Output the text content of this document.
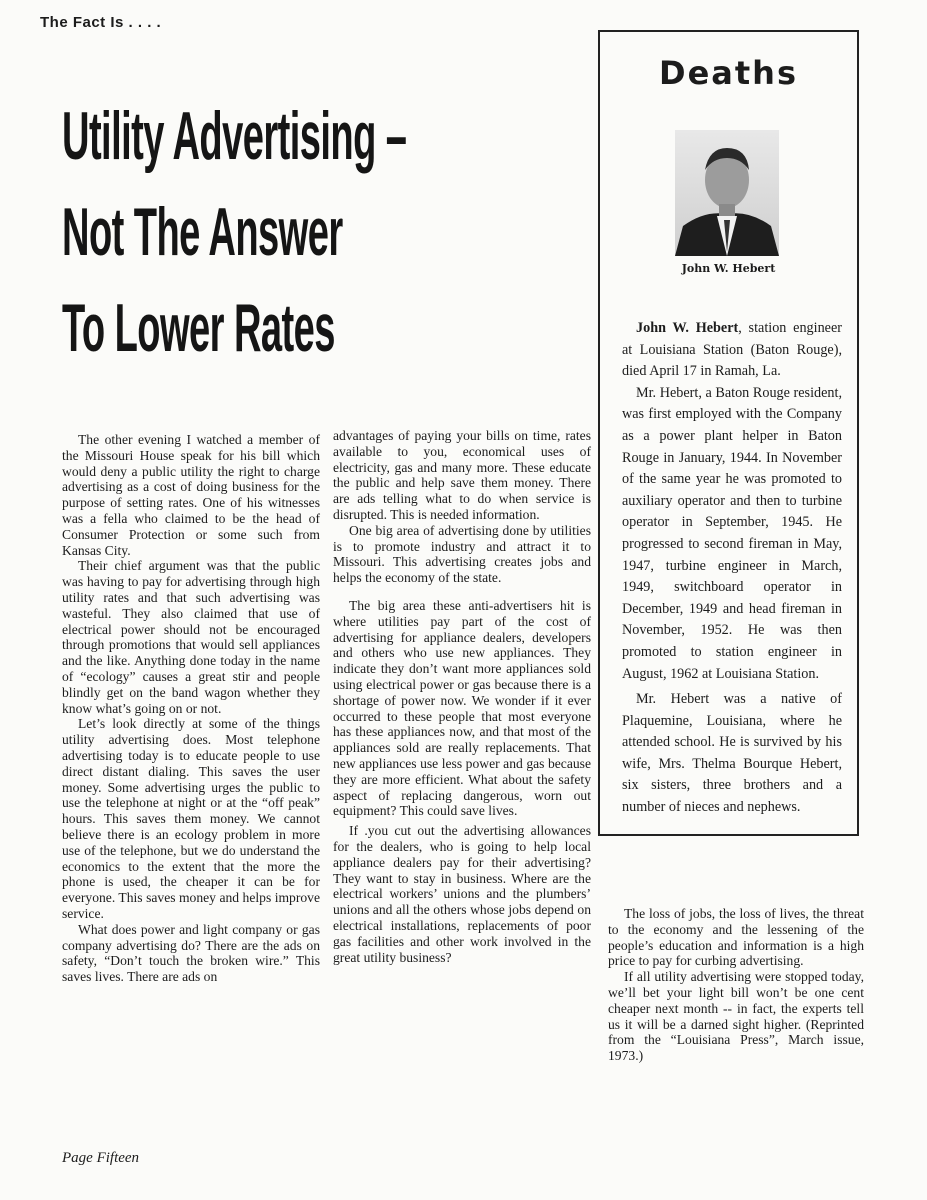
The Fact Is . . . .
Utility Advertising –
Not The Answer
To Lower Rates

The other evening I watched a member of the Missouri House speak for his bill which would deny a public utility the right to charge advertising as a cost of doing business for the purpose of setting rates. One of his witnesses was a fella who claimed to be the head of Consumer Protection or some such from Kansas City.

Their chief argument was that the public was having to pay for advertising through high utility rates and that such advertising was wasteful. They also claimed that use of electrical power should not be encouraged through promotions that would sell appliances and the like. Anything done today in the name of “ecology” causes a great stir and people blindly get on the band wagon whether they know what’s going on or not.

Let’s look directly at some of the things utility advertising does. Most telephone advertising today is to educate people to use direct distant dialing. This saves the user money. Some advertising urges the public to use the telephone at night or at the “off peak” hours. This saves them money. We cannot believe there is an ecology problem in more use of the telephone, but we do understand the economics to the extent that the more the phone is used, the cheaper it can be for everyone. This saves money and helps improve service.

What does power and light company or gas company advertising do? There are the ads on safety, “Don’t touch the broken wire.” This saves lives. There are ads on

advantages of paying your bills on time, rates available to you, economical uses of electricity, gas and many more. These educate the public and help save them money. There are ads telling what to do when service is disrupted. This is needed information.

One big area of advertising done by utilities is to promote industry and attract it to Missouri. This advertising creates jobs and helps the economy of the state.

The big area these anti-advertisers hit is where utilities pay part of the cost of advertising for appliance dealers, developers and others who use new appliances. They indicate they don’t want more appliances sold using electrical power or gas because there is a shortage of power now. We wonder if it ever occurred to these people that most everyone has these appliances now, and that most of the appliances sold are really replacements. That new appliances use less power and gas because they are more efficient. What about the safety aspect of replacing dangerous, worn out equipment? This could save lives.

If .you cut out the advertising allowances for the dealers, who is going to help local appliance dealers pay for their advertising? They want to stay in business. Where are the electrical workers’ unions and the plumbers’ unions and all the others whose jobs depend on electrical installations, replacements of poor gas facilities and other work involved in the great utility business?

The loss of jobs, the loss of lives, the threat to the economy and the lessening of the people’s education and information is a high price to pay for curbing advertising.

If all utility advertising were stopped today, we’ll bet your light bill won’t be one cent cheaper next month -- in fact, the experts tell us it will be a darned sight higher. (Reprinted from the “Louisiana Press”, March issue, 1973.)

Deaths
John W. Hebert

John W. Hebert, station engineer at Louisiana Station (Baton Rouge), died April 17 in Ramah, La.

Mr. Hebert, a Baton Rouge resident, was first employed with the Company as a power plant helper in Baton Rouge in January, 1944. In November of the same year he was promoted to auxiliary operator and then to turbine operator in September, 1945. He progressed to second fireman in May, 1947, turbine engineer in March, 1949, switchboard operator in December, 1949 and head fireman in November, 1952. He was then promoted to station engineer in August, 1962 at Louisiana Station.

Mr. Hebert was a native of Plaquemine, Louisiana, where he attended school. He is survived by his wife, Mrs. Thelma Bourque Hebert, six sisters, three brothers and a number of nieces and nephews.

Page Fifteen
